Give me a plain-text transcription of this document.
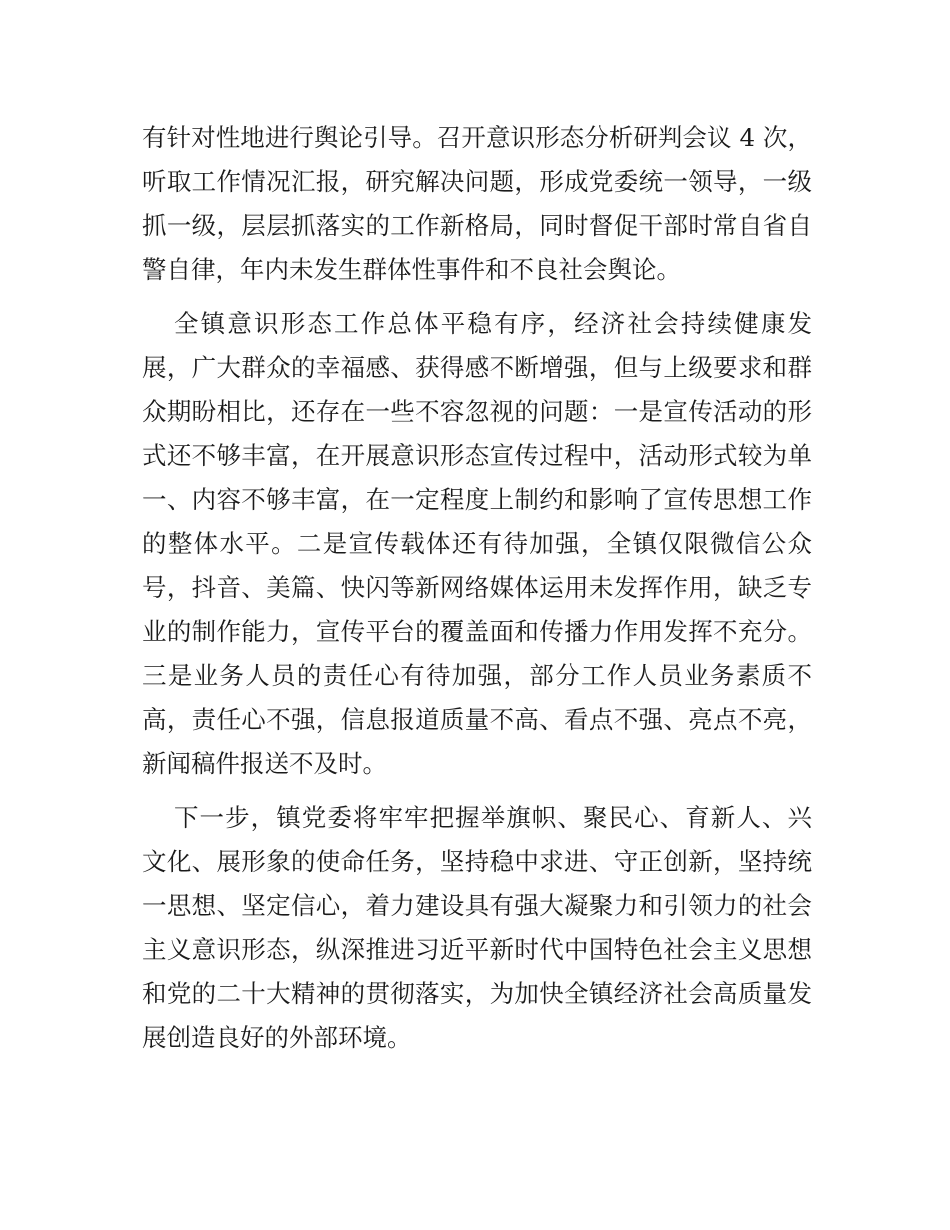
有针对性地进行舆论引导。召开意识形态分析研判会议 4 次，
听取工作情况汇报，研究解决问题，形成党委统一领导，一级
抓一级，层层抓落实的工作新格局，同时督促干部时常自省自
警自律，年内未发生群体性事件和不良社会舆论。

全镇意识形态工作总体平稳有序，经济社会持续健康发
展，广大群众的幸福感、获得感不断增强，但与上级要求和群
众期盼相比，还存在一些不容忽视的问题：一是宣传活动的形
式还不够丰富，在开展意识形态宣传过程中，活动形式较为单
一、内容不够丰富，在一定程度上制约和影响了宣传思想工作
的整体水平。二是宣传载体还有待加强，全镇仅限微信公众
号，抖音、美篇、快闪等新网络媒体运用未发挥作用，缺乏专
业的制作能力，宣传平台的覆盖面和传播力作用发挥不充分。
三是业务人员的责任心有待加强，部分工作人员业务素质不
高，责任心不强，信息报道质量不高、看点不强、亮点不亮，
新闻稿件报送不及时。

下一步，镇党委将牢牢把握举旗帜、聚民心、育新人、兴
文化、展形象的使命任务，坚持稳中求进、守正创新，坚持统
一思想、坚定信心，着力建设具有强大凝聚力和引领力的社会
主义意识形态，纵深推进习近平新时代中国特色社会主义思想
和党的二十大精神的贯彻落实，为加快全镇经济社会高质量发
展创造良好的外部环境。
